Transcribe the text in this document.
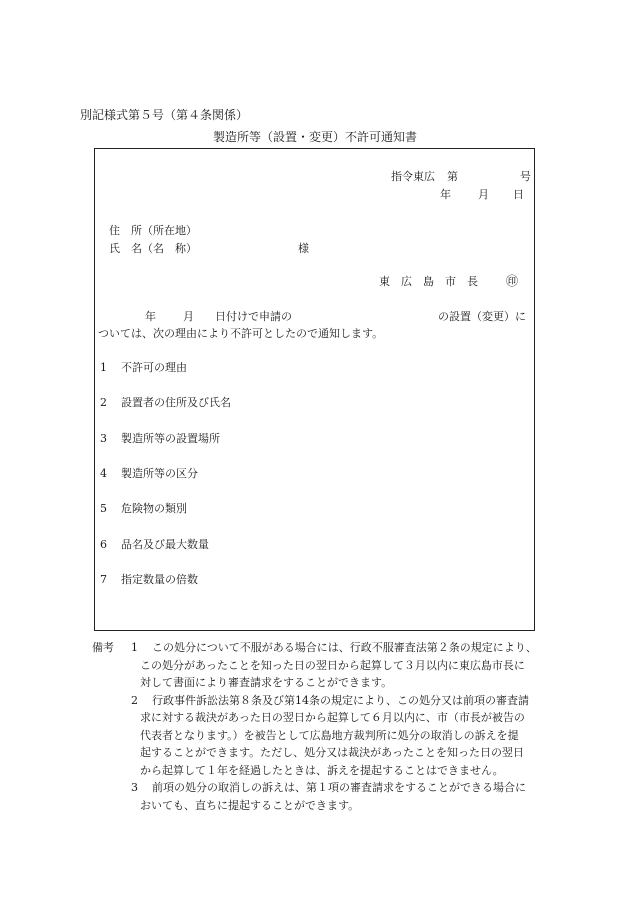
別記様式第５号（第４条関係）
製造所等（設置・変更）不許可通知書
指令東広 第	号
年 月 日
住　所（所在地）
氏　名（名　称）	様
東　広　島　市　長 ㊞
年 月 日付けで申請の	の設置（変更）に
ついては、次の理由により不許可としたので通知します。
1 不許可の理由
2 設置者の住所及び氏名
3 製造所等の設置場所
4 製造所等の区分
5 危険物の類別
6 品名及び最大数量
7 指定数量の倍数
備考 1 この処分について不服がある場合には、行政不服審査法第２条の規定により、
この処分があったことを知った日の翌日から起算して３月以内に東広島市長に
対して書面により審査請求をすることができます。
2 行政事件訴訟法第８条及び第14条の規定により、この処分又は前項の審査請
求に対する裁決があった日の翌日から起算して６月以内に、市（市長が被告の
代表者となります。）を被告として広島地方裁判所に処分の取消しの訴えを提
起することができます。ただし、処分又は裁決があったことを知った日の翌日
から起算して１年を経過したときは、訴えを提起することはできません。
3 前項の処分の取消しの訴えは、第１項の審査請求をすることができる場合に
おいても、直ちに提起することができます。
